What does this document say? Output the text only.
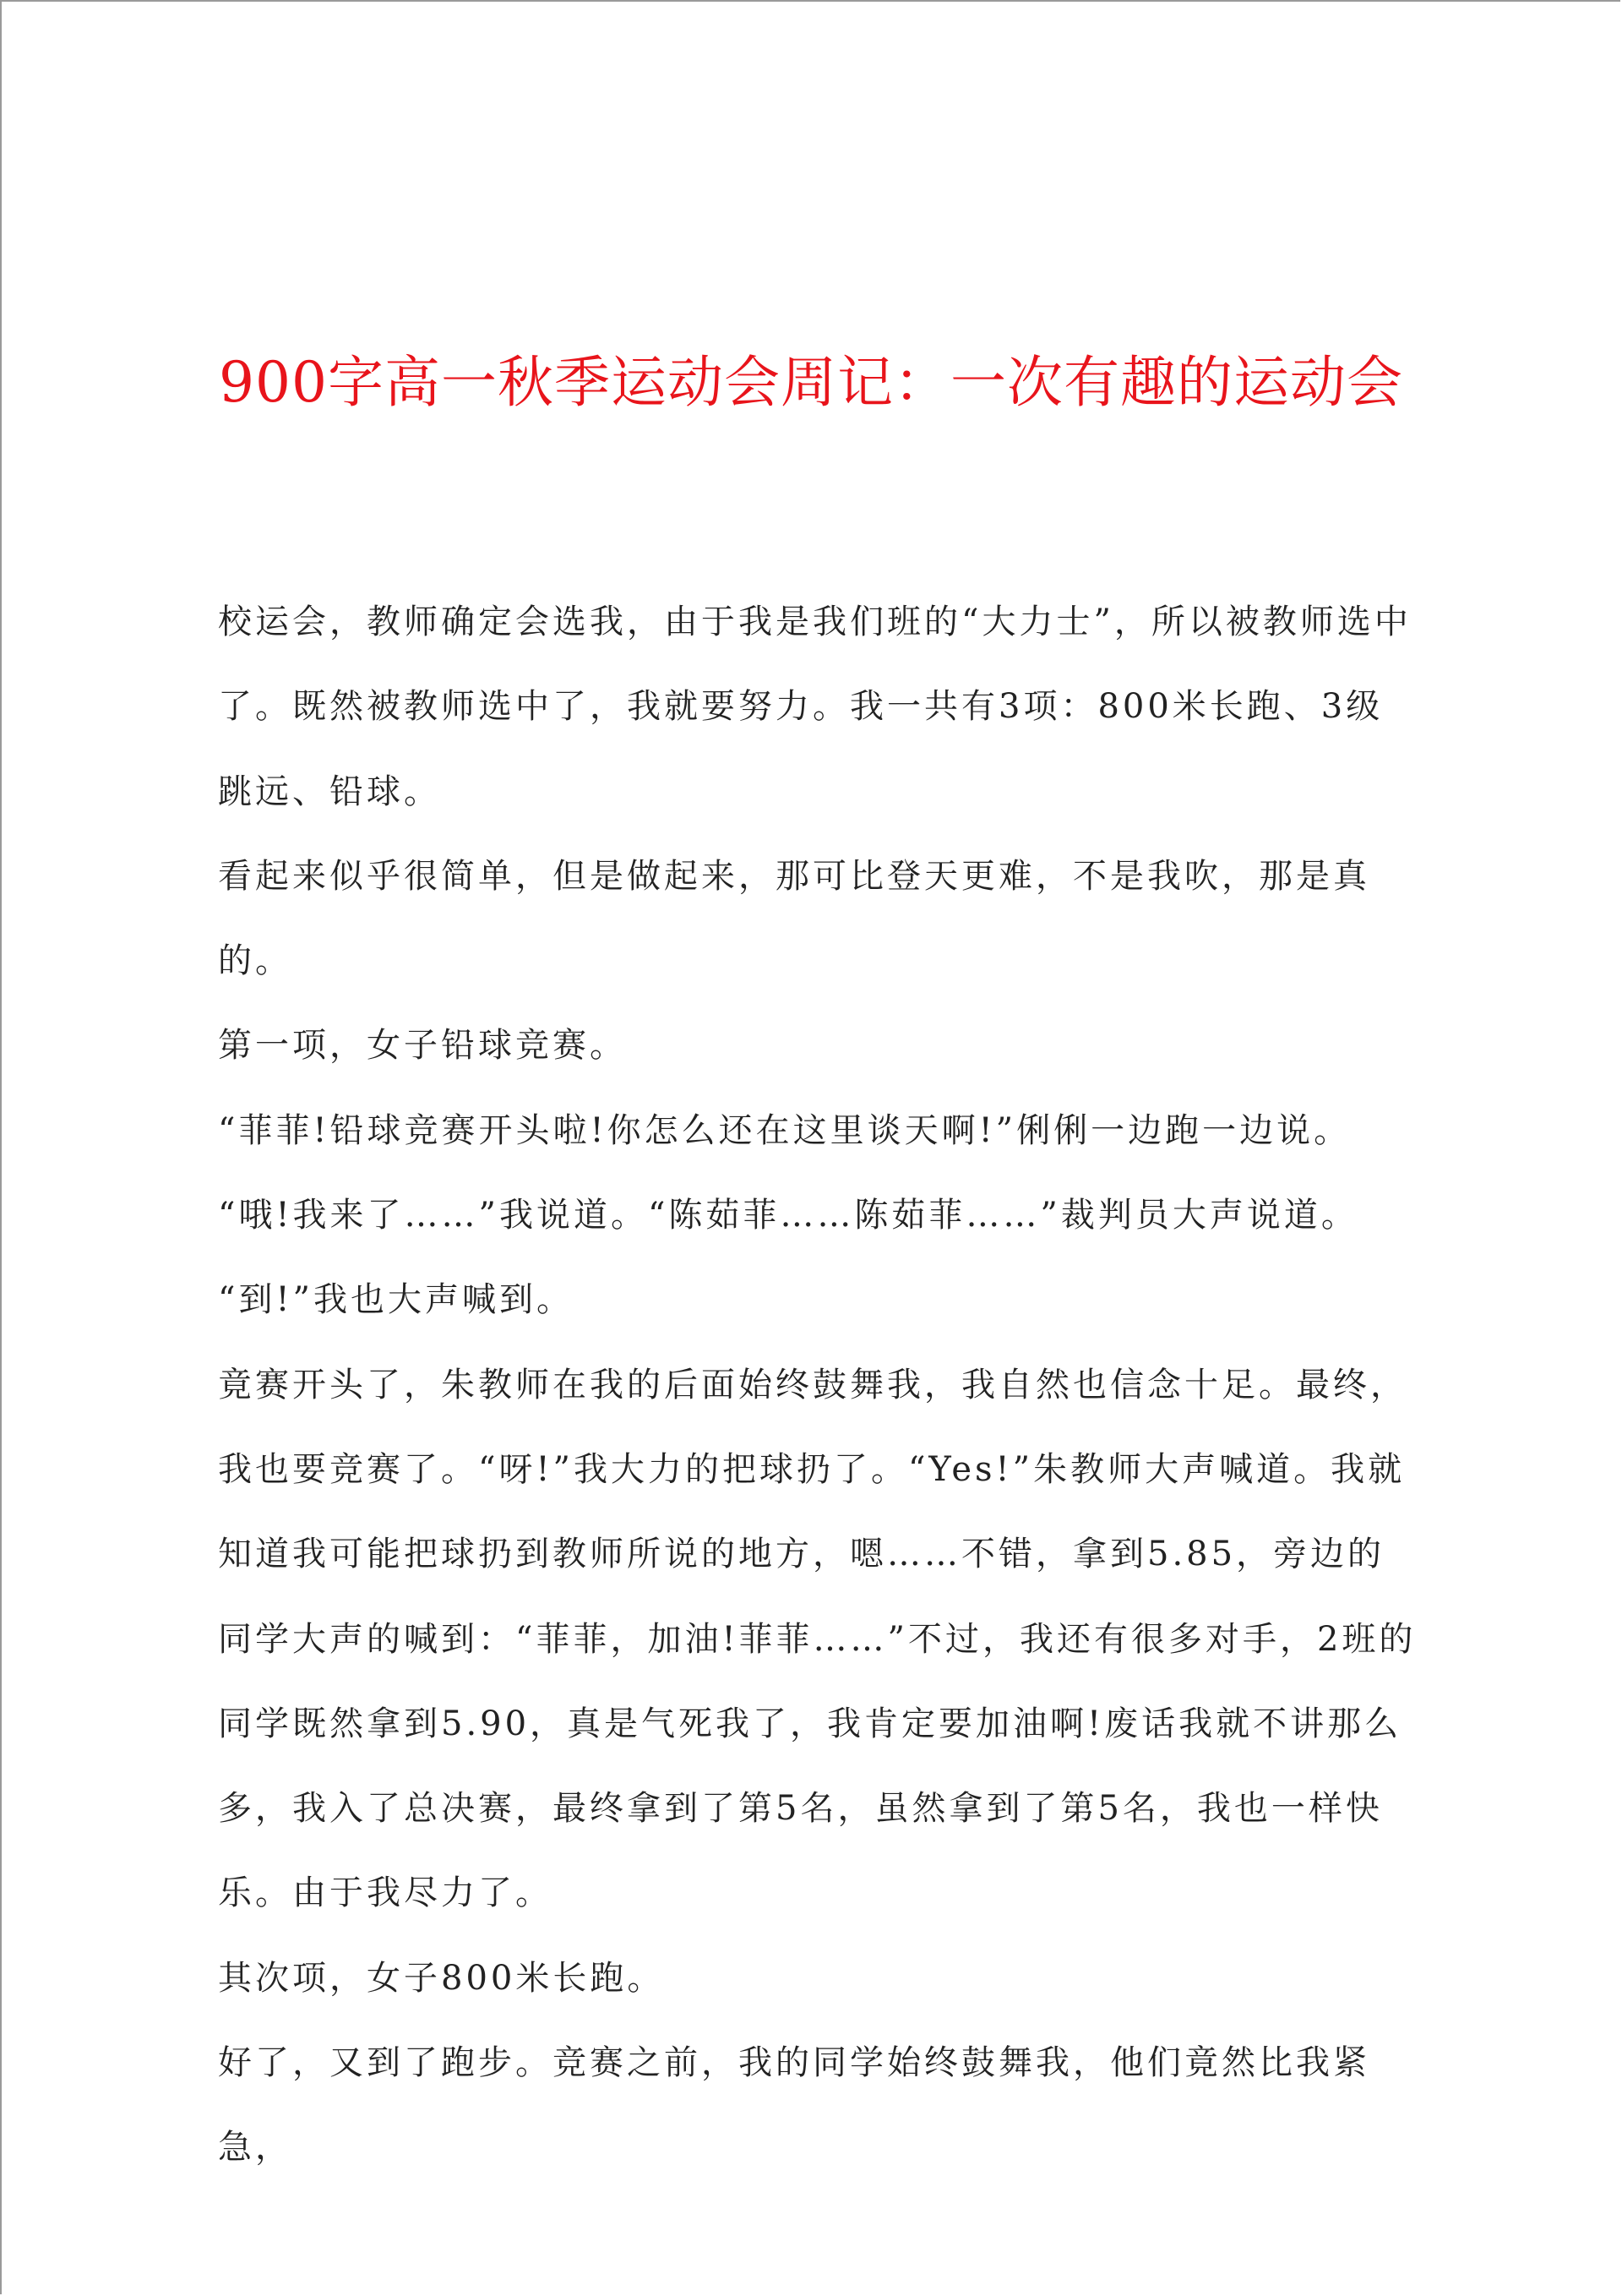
900字高一秋季运动会周记：一次有趣的运动会

校运会，教师确定会选我，由于我是我们班的“大力士”，所以被教师选中了。既然被教师选中了，我就要努力。我一共有3项：800米长跑、3级跳远、铅球。

看起来似乎很简单，但是做起来，那可比登天更难，不是我吹，那是真的。

第一项，女子铅球竞赛。

“菲菲!铅球竞赛开头啦!你怎么还在这里谈天啊!”俐俐一边跑一边说。

“哦!我来了……”我说道。“陈茹菲……陈茹菲……”裁判员大声说道。

“到!”我也大声喊到。

竟赛开头了，朱教师在我的后面始终鼓舞我，我自然也信念十足。最终，我也要竞赛了。“呀!”我大力的把球扔了。“Yes!”朱教师大声喊道。我就知道我可能把球扔到教师所说的地方，嗯……不错，拿到5.85，旁边的同学大声的喊到：“菲菲，加油!菲菲……”不过，我还有很多对手，2班的同学既然拿到5.90，真是气死我了，我肯定要加油啊!废话我就不讲那么多，我入了总决赛，最终拿到了第5名，虽然拿到了第5名，我也一样快乐。由于我尽力了。

其次项，女子800米长跑。

好了，又到了跑步。竞赛之前，我的同学始终鼓舞我，他们竟然比我紧急，
